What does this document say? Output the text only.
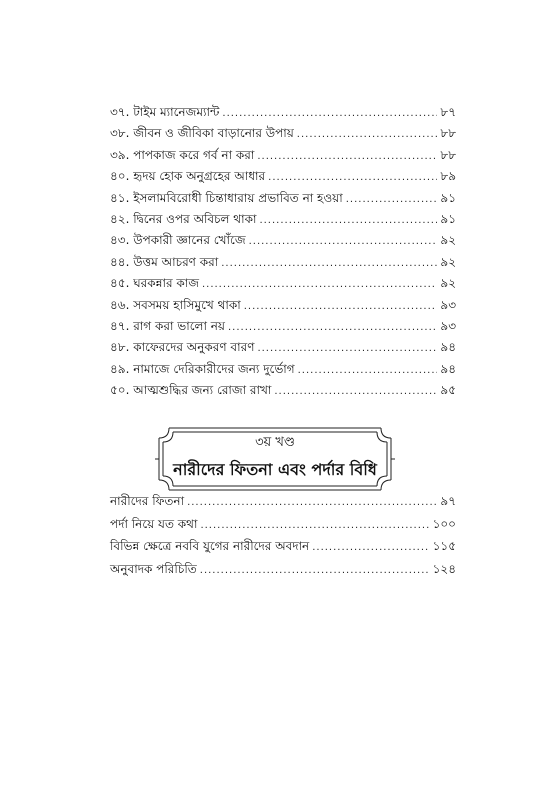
৩৭. টাইম ম্যানেজম্যান্ট .....	৮৭
৩৮. জীবন ও জীবিকা বাড়ানোর উপায় .....	৮৮
৩৯. পাপকাজ করে গর্ব না করা .....	৮৮
৪০. হৃদয় হোক অনুগ্রহের আধার .....	৮৯
৪১. ইসলামবিরোধী চিন্তাধারায় প্রভাবিত না হওয়া .....	৯১
৪২. দ্বিনের ওপর অবিচল থাকা .....	৯১
৪৩. উপকারী জ্ঞানের খোঁজে .....	৯২
৪৪. উত্তম আচরণ করা .....	৯২
৪৫. ঘরকন্নার কাজ .....	৯২
৪৬. সবসময় হাসিমুখে থাকা .....	৯৩
৪৭. রাগ করা ভালো নয় .....	৯৩
৪৮. কাফেরদের অনুকরণ বারণ .....	৯৪
৪৯. নামাজে দেরিকারীদের জন্য দুর্ভোগ .....	৯৪
৫০. আত্মশুদ্ধির জন্য রোজা রাখা .....	৯৫
৩য় খণ্ড
নারীদের ফিতনা এবং পর্দার বিধি
নারীদের ফিতনা .....	৯৭
পর্দা নিয়ে যত কথা .....	১০০
বিভিন্ন ক্ষেত্রে নববি যুগের নারীদের অবদান .....	১১৫
অনুবাদক পরিচিতি .....	১২৪
